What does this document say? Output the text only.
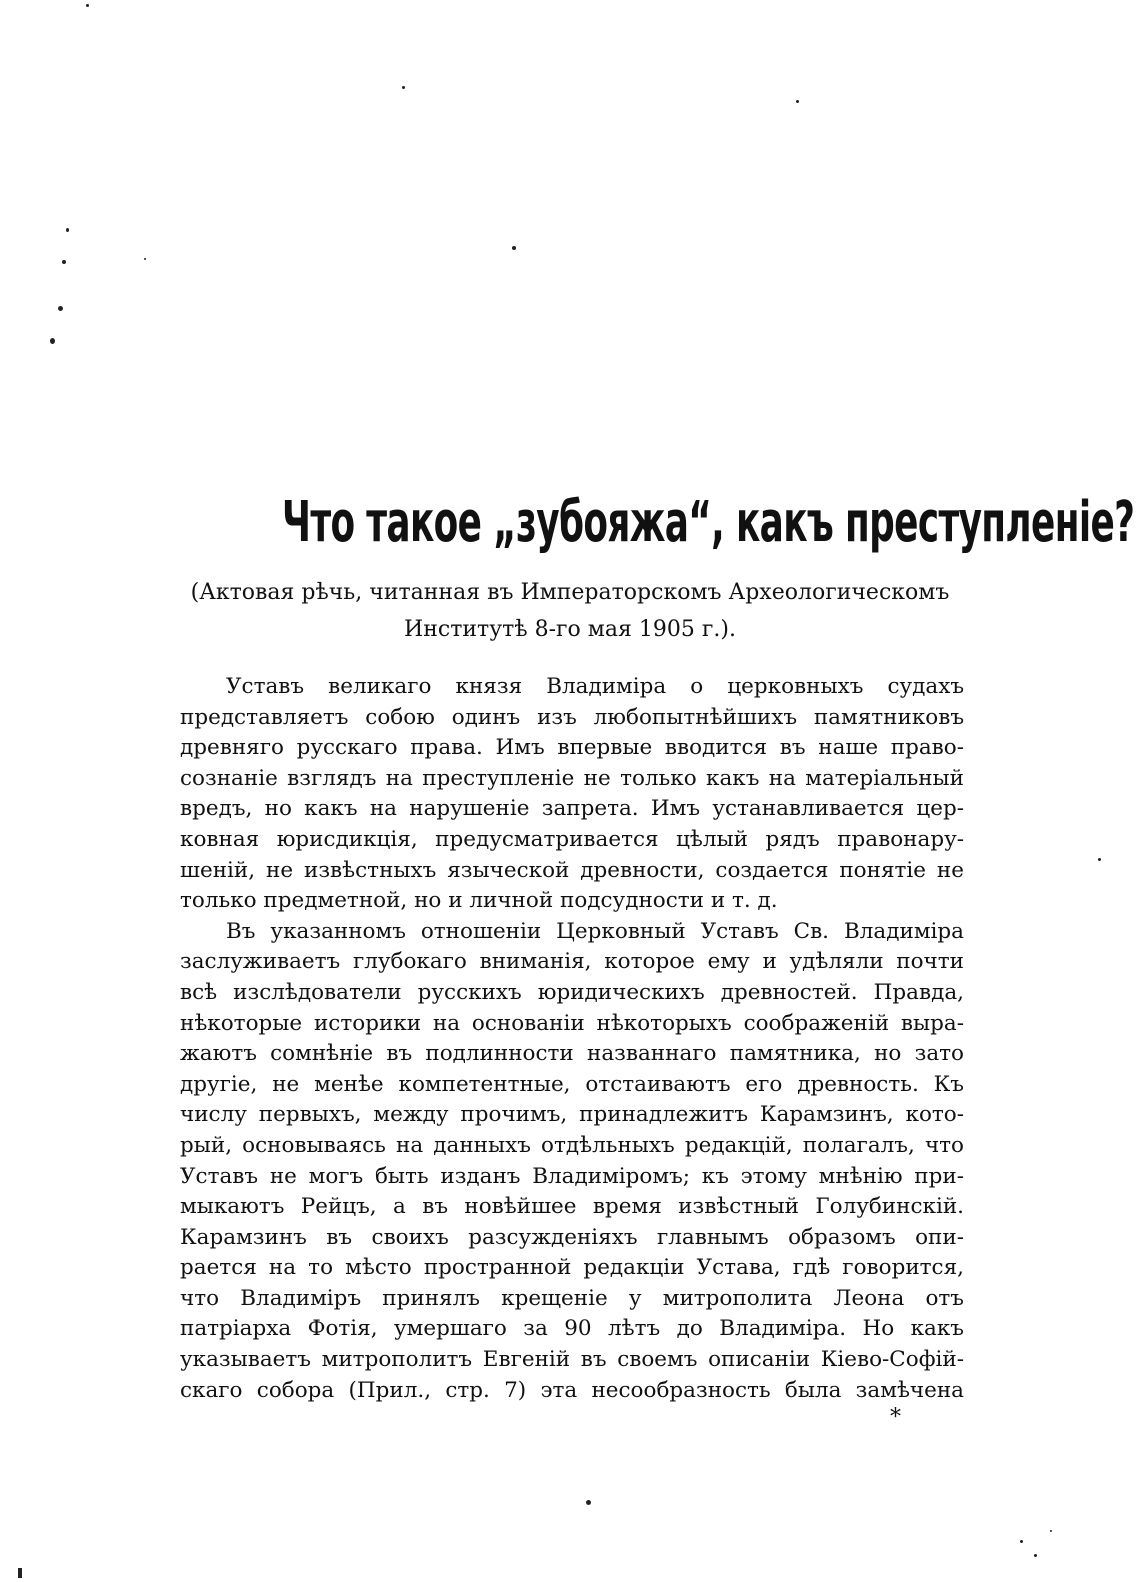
Что такое „зубояжа“, какъ преступленіе?
(Актовая рѣчь, читанная въ Императорскомъ Археологическомъ
Институтѣ 8-го мая 1905 г.).
Уставъ великаго князя Владиміра о церковныхъ судахъ
представляетъ собою одинъ изъ любопытнѣйшихъ памятниковъ
древняго русскаго права. Имъ впервые вводится въ наше право-
сознаніе взглядъ на преступленіе не только какъ на матеріальный
вредъ, но какъ на нарушеніе запрета. Имъ устанавливается цер-
ковная юрисдикція, предусматривается цѣлый рядъ правонару-
шеній, не извѣстныхъ языческой древности, создается понятіе не
только предметной, но и личной подсудности и т. д.
Въ указанномъ отношеніи Церковный Уставъ Св. Владиміра
заслуживаетъ глубокаго вниманія, которое ему и удѣляли почти
всѣ изслѣдователи русскихъ юридическихъ древностей. Правда,
нѣкоторые историки на основаніи нѣкоторыхъ соображеній выра-
жаютъ сомнѣніе въ подлинности названнаго памятника, но зато
другіе, не менѣе компетентные, отстаиваютъ его древность. Къ
числу первыхъ, между прочимъ, принадлежитъ Карамзинъ, кото-
рый, основываясь на данныхъ отдѣльныхъ редакцій, полагалъ, что
Уставъ не могъ быть изданъ Владиміромъ; къ этому мнѣнію при-
мыкаютъ Рейцъ, а въ новѣйшее время извѣстный Голубинскій.
Карамзинъ въ своихъ разсужденіяхъ главнымъ образомъ опи-
рается на то мѣсто пространной редакціи Устава, гдѣ говорится,
что Владиміръ принялъ крещеніе у митрополита Леона отъ
патріарха Фотія, умершаго за 90 лѣтъ до Владиміра. Но какъ
указываетъ митрополитъ Евгеній въ своемъ описаніи Кіево-Софій-
скаго собора (Прил., стр. 7) эта несообразность была замѣчена
*
